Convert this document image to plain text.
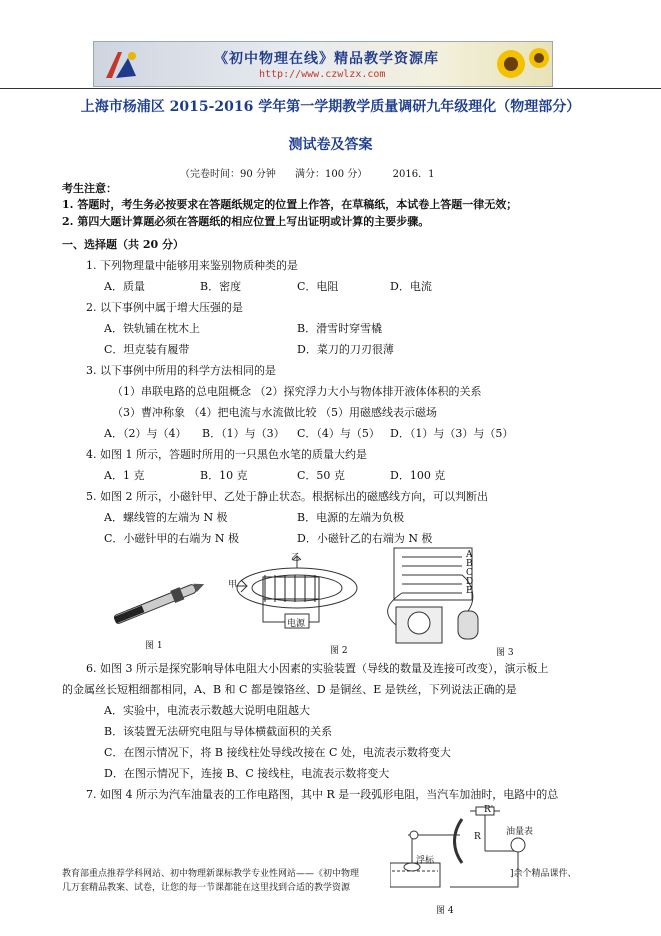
《初中物理在线》精品教学资源库
http://www.czwlzx.com
上海市杨浦区 2015-2016 学年第一学期教学质量调研九年级理化（物理部分）
测试卷及答案
（完卷时间：90 分钟      满分：100 分）        2016．1
考生注意：
1. 答题时，考生务必按要求在答题纸规定的位置上作答，在草稿纸，本试卷上答题一律无效；
2. 第四大题计算题必须在答题纸的相应位置上写出证明或计算的主要步骤。
一、选择题（共 20 分）
1. 下列物理量中能够用来鉴别物质种类的是
A．质量	B．密度	C．电阻	D．电流
2. 以下事例中属于增大压强的是
A．铁轨铺在枕木上	B．滑雪时穿雪橇
C．坦克装有履带	D．菜刀的刀刃很薄
3. 以下事例中所用的科学方法相同的是
（1）串联电路的总电阻概念 （2）探究浮力大小与物体排开液体体积的关系
（3）曹冲称象 （4）把电流与水流做比较 （5）用磁感线表示磁场
A．（2）与（4） B．（1）与（3） C．（4）与（5） D．（1）与（3）与（5）
4. 如图 1 所示，答题时所用的一只黑色水笔的质量大约是
A．1 克	B．10 克	C．50 克	D．100 克
5. 如图 2 所示，小磁针甲、乙处于静止状态。根据标出的磁感线方向，可以判断出
A．螺线管的左端为 N 极	B．电源的左端为负极
C．小磁针甲的右端为 N 极	D．小磁针乙的右端为 N 极
图 1
甲
乙
电源
图 2
A
B
C
D
E
图 3
6. 如图 3 所示是探究影响导体电阻大小因素的实验装置（导线的数量及连接可改变），演示板上
的金属丝长短粗细都相同，A、B 和 C 都是镍铬丝、D 是铜丝、E 是铁丝，下列说法正确的是
A．实验中，电流表示数越大说明电阻越大
B．该装置无法研究电阻与导体横截面积的关系
C．在图示情况下，将 B 接线柱处导线改接在 C 处，电流表示数将变大
D．在图示情况下，连接 B、C 接线柱，电流表示数将变大
7. 如图 4 所示为汽车油量表的工作电路图，其中 R 是一段弧形电阻，当汽车加油时，电路中的总
R'
R
浮标
油量表
图 4
教育部重点推荐学科网站、初中物理新课标教学专业性网站——《初中物理	]余个精品课件、
几万套精品教案、试卷，让您的每一节课都能在这里找到合适的教学资源
